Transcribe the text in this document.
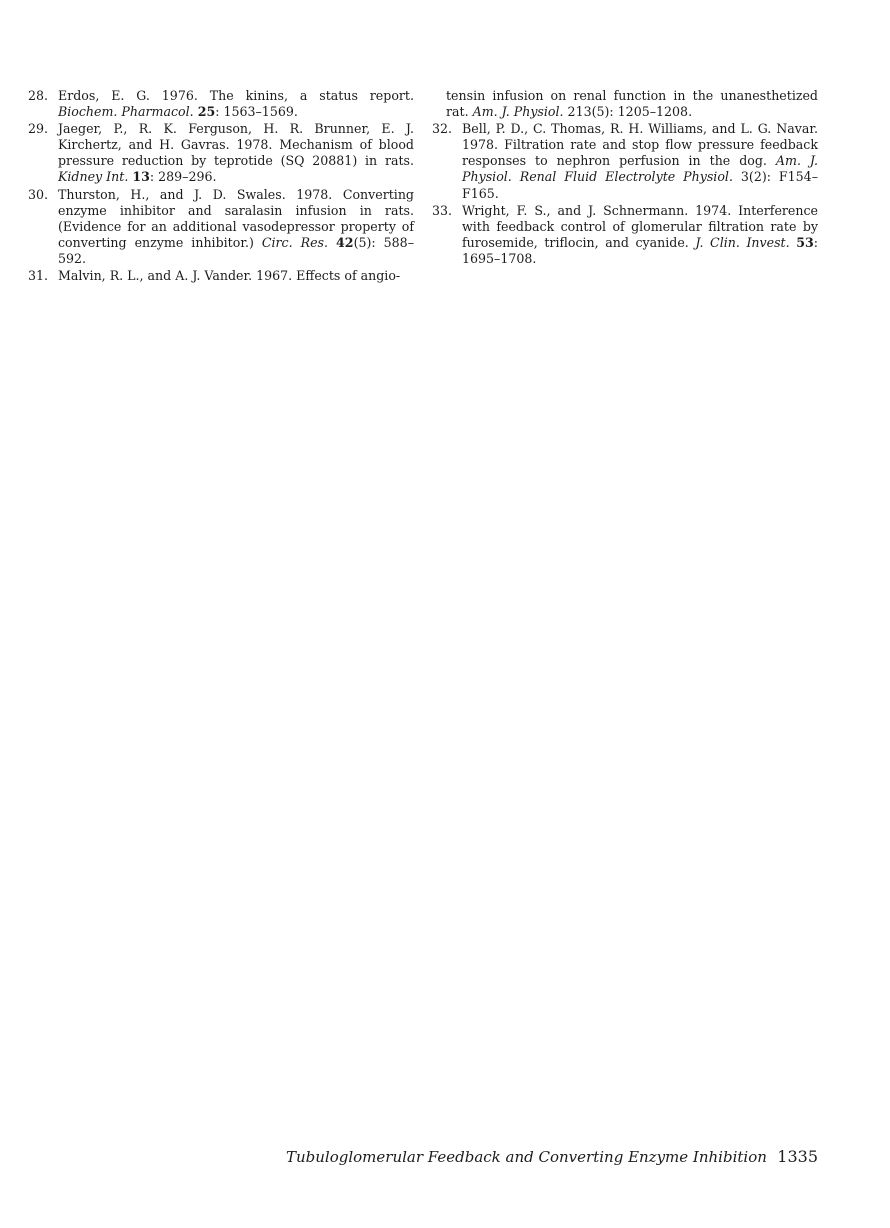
28. Erdos, E. G. 1976. The kinins, a status report. Biochem. Pharmacol. 25: 1563–1569.
29. Jaeger, P., R. K. Ferguson, H. R. Brunner, E. J. Kirchertz, and H. Gavras. 1978. Mechanism of blood pressure reduction by teprotide (SQ 20881) in rats. Kidney Int. 13: 289–296.
30. Thurston, H., and J. D. Swales. 1978. Converting enzyme inhibitor and saralasin infusion in rats. (Evidence for an additional vasodepressor property of converting enzyme inhibitor.) Circ. Res. 42(5): 588–592.
31. Malvin, R. L., and A. J. Vander. 1967. Effects of angio-
tensin infusion on renal function in the unanesthetized rat. Am. J. Physiol. 213(5): 1205–1208.
32. Bell, P. D., C. Thomas, R. H. Williams, and L. G. Navar. 1978. Filtration rate and stop flow pressure feedback responses to nephron perfusion in the dog. Am. J. Physiol. Renal Fluid Electrolyte Physiol. 3(2): F154–F165.
33. Wright, F. S., and J. Schnermann. 1974. Interference with feedback control of glomerular filtration rate by furosemide, triflocin, and cyanide. J. Clin. Invest. 53: 1695–1708.
Tubuloglomerular Feedback and Converting Enzyme Inhibition 1335
